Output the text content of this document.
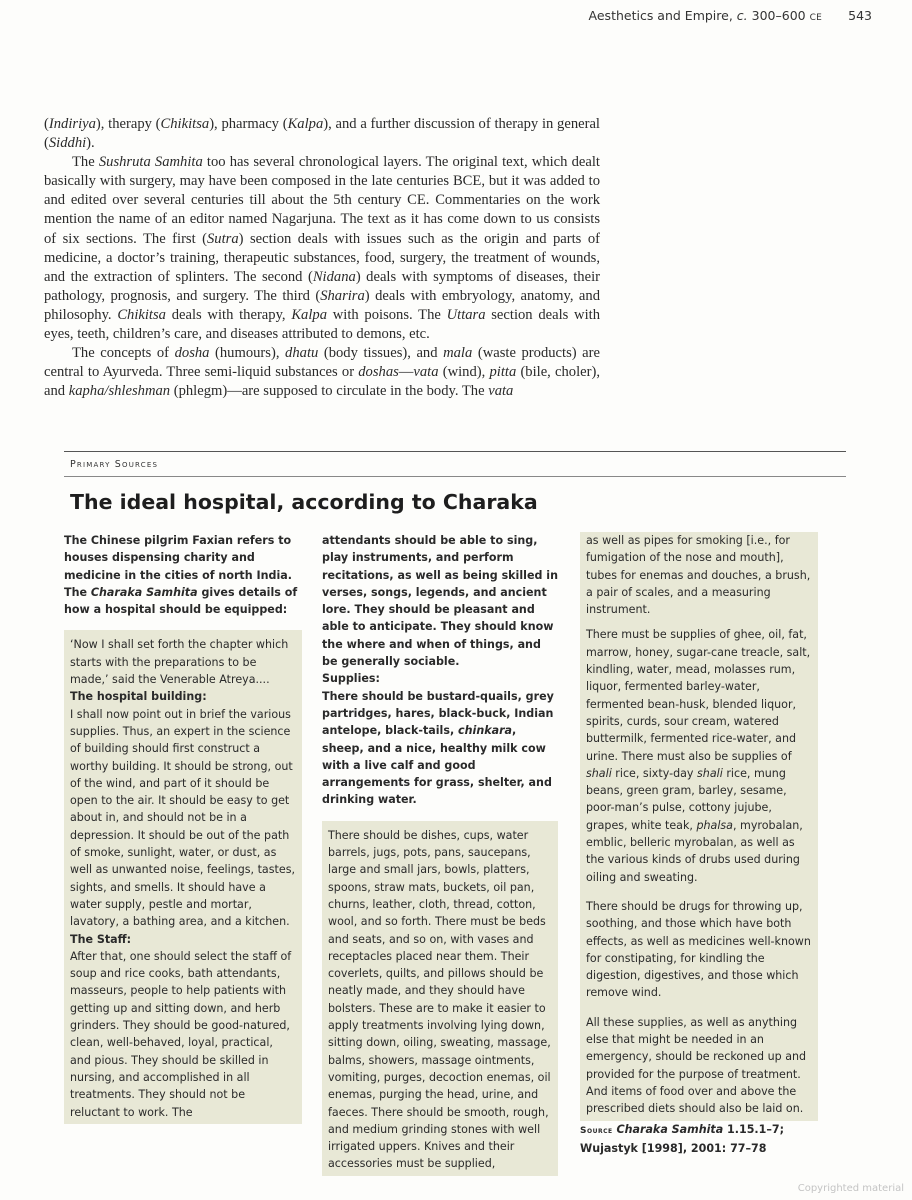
Aesthetics and Empire, c. 300–600 CE 543

(Indiriya), therapy (Chikitsa), pharmacy (Kalpa), and a further discussion of therapy in general (Siddhi).

The Sushruta Samhita too has several chronological layers. The original text, which dealt basically with surgery, may have been composed in the late centuries BCE, but it was added to and edited over several centuries till about the 5th century CE. Commentaries on the work mention the name of an editor named Nagarjuna. The text as it has come down to us consists of six sections. The first (Sutra) section deals with issues such as the origin and parts of medicine, a doctor’s training, therapeutic substances, food, surgery, the treatment of wounds, and the extraction of splinters. The second (Nidana) deals with symptoms of diseases, their pathology, prognosis, and surgery. The third (Sharira) deals with embryology, anatomy, and philosophy. Chikitsa deals with therapy, Kalpa with poisons. The Uttara section deals with eyes, teeth, children’s care, and diseases attributed to demons, etc.

The concepts of dosha (humours), dhatu (body tissues), and mala (waste products) are central to Ayurveda. Three semi-liquid substances or doshas—vata (wind), pitta (bile, choler), and kapha/shleshman (phlegm)—are supposed to circulate in the body. The vata

Primary Sources
The ideal hospital, according to Charaka

The Chinese pilgrim Faxian refers to houses dispensing charity and medicine in the cities of north India. The Charaka Samhita gives details of how a hospital should be equipped:

‘Now I shall set forth the chapter which starts with the preparations to be made,’ said the Venerable Atreya....

The hospital building:

I shall now point out in brief the various supplies. Thus, an expert in the science of building should first construct a worthy building. It should be strong, out of the wind, and part of it should be open to the air. It should be easy to get about in, and should not be in a depression. It should be out of the path of smoke, sunlight, water, or dust, as well as unwanted noise, feelings, tastes, sights, and smells. It should have a water supply, pestle and mortar, lavatory, a bathing area, and a kitchen.

The Staff:

After that, one should select the staff of soup and rice cooks, bath attendants, masseurs, people to help patients with getting up and sitting down, and herb grinders. They should be good-natured, clean, well-behaved, loyal, practical, and pious. They should be skilled in nursing, and accomplished in all treatments. They should not be reluctant to work. The

attendants should be able to sing, play instruments, and perform recitations, as well as being skilled in verses, songs, legends, and ancient lore. They should be pleasant and able to anticipate. They should know the where and when of things, and be generally sociable.

Supplies:

There should be bustard-quails, grey partridges, hares, black-buck, Indian antelope, black-tails, chinkara, sheep, and a nice, healthy milk cow with a live calf and good arrangements for grass, shelter, and drinking water.

There should be dishes, cups, water barrels, jugs, pots, pans, saucepans, large and small jars, bowls, platters, spoons, straw mats, buckets, oil pan, churns, leather, cloth, thread, cotton, wool, and so forth. There must be beds and seats, and so on, with vases and receptacles placed near them. Their coverlets, quilts, and pillows should be neatly made, and they should have bolsters. These are to make it easier to apply treatments involving lying down, sitting down, oiling, sweating, massage, balms, showers, massage ointments, vomiting, purges, decoction enemas, oil enemas, purging the head, urine, and faeces. There should be smooth, rough, and medium grinding stones with well irrigated uppers. Knives and their accessories must be supplied,

as well as pipes for smoking [i.e., for fumigation of the nose and mouth], tubes for enemas and douches, a brush, a pair of scales, and a measuring instrument.

There must be supplies of ghee, oil, fat, marrow, honey, sugar-cane treacle, salt, kindling, water, mead, molasses rum, liquor, fermented barley-water, fermented bean-husk, blended liquor, spirits, curds, sour cream, watered buttermilk, fermented rice-water, and urine. There must also be supplies of shali rice, sixty-day shali rice, mung beans, green gram, barley, sesame, poor-man’s pulse, cottony jujube, grapes, white teak, phalsa, myrobalan, emblic, belleric myrobalan, as well as the various kinds of drubs used during oiling and sweating.

There should be drugs for throwing up, soothing, and those which have both effects, as well as medicines well-known for constipating, for kindling the digestion, digestives, and those which remove wind.

All these supplies, as well as anything else that might be needed in an emergency, should be reckoned up and provided for the purpose of treatment. And items of food over and above the prescribed diets should also be laid on.

Source Charaka Samhita 1.15.1–7; Wujastyk [1998], 2001: 77–78

Copyrighted material
